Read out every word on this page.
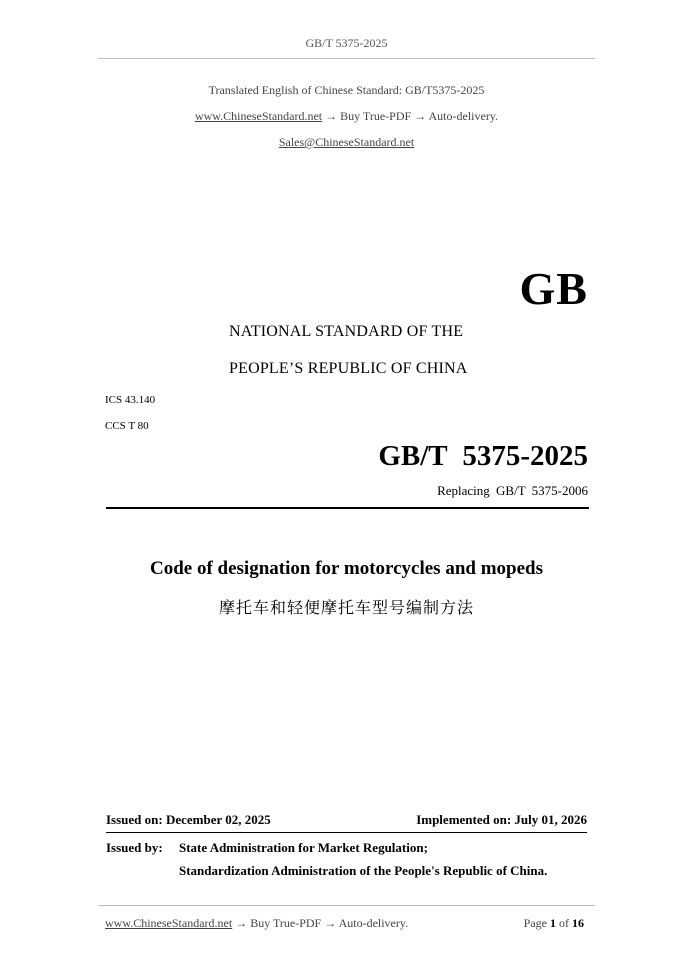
GB/T 5375-2025
Translated English of Chinese Standard: GB/T5375-2025
www.ChineseStandard.net → Buy True-PDF → Auto-delivery.
Sales@ChineseStandard.net
GB
NATIONAL STANDARD OF THE
PEOPLE’S REPUBLIC OF CHINA
ICS 43.140
CCS T 80
GB/T 5375-2025
Replacing GB/T 5375-2006
Code of designation for motorcycles and mopeds
摩托车和轻便摩托车型号编制方法
Issued on: December 02, 2025	Implemented on: July 01, 2026
Issued by: State Administration for Market Regulation;
Standardization Administration of the People's Republic of China.
www.ChineseStandard.net → Buy True-PDF → Auto-delivery.	Page 1 of 16
